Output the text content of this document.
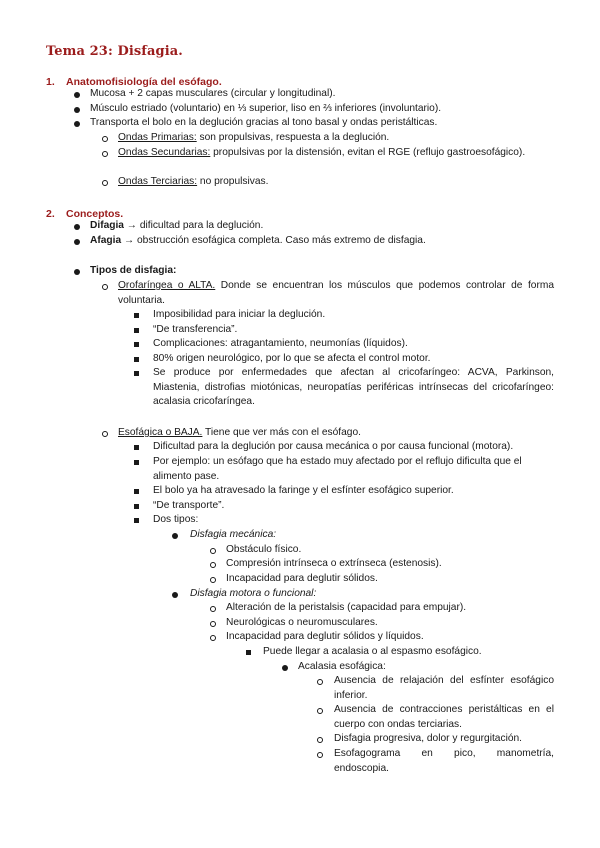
Tema 23: Disfagia.
1. Anatomofisiología del esófago.
Mucosa + 2 capas musculares (circular y longitudinal).
Músculo estriado (voluntario) en ⅓ superior, liso en ⅔ inferiores (involuntario).
Transporta el bolo en la deglución gracias al tono basal y ondas peristálticas.
Ondas Primarias: son propulsivas, respuesta a la deglución.
Ondas Secundarias: propulsivas por la distensión, evitan el RGE (reflujo gastroesofágico).
Ondas Terciarias: no propulsivas.
2. Conceptos.
Difagia → dificultad para la deglución.
Afagia → obstrucción esofágica completa. Caso más extremo de disfagia.
Tipos de disfagia:
Orofaríngea o ALTA. Donde se encuentran los músculos que podemos controlar de forma voluntaria.
Imposibilidad para iniciar la deglución.
“De transferencia”.
Complicaciones: atragantamiento, neumonías (líquidos).
80% origen neurológico, por lo que se afecta el control motor.
Se produce por enfermedades que afectan al cricofaríngeo: ACVA, Parkinson, Miastenia, distrofias miotónicas, neuropatías periféricas intrínsecas del cricofaríngeo: acalasia cricofaríngea.
Esofágica o BAJA. Tiene que ver más con el esófago.
Dificultad para la deglución por causa mecánica o por causa funcional (motora).
Por ejemplo: un esófago que ha estado muy afectado por el reflujo dificulta que el alimento pase.
El bolo ya ha atravesado la faringe y el esfínter esofágico superior.
“De transporte”.
Dos tipos:
Disfagia mecánica:
Obstáculo físico.
Compresión intrínseca o extrínseca (estenosis).
Incapacidad para deglutir sólidos.
Disfagia motora o funcional:
Alteración de la peristalsis (capacidad para empujar).
Neurológicas o neuromusculares.
Incapacidad para deglutir sólidos y líquidos.
Puede llegar a acalasia o al espasmo esofágico.
Acalasia esofágica:
Ausencia de relajación del esfínter esofágico inferior.
Ausencia de contracciones peristálticas en el cuerpo con ondas terciarias.
Disfagia progresiva, dolor y regurgitación.
Esofagograma en pico, manometría, endoscopia.
